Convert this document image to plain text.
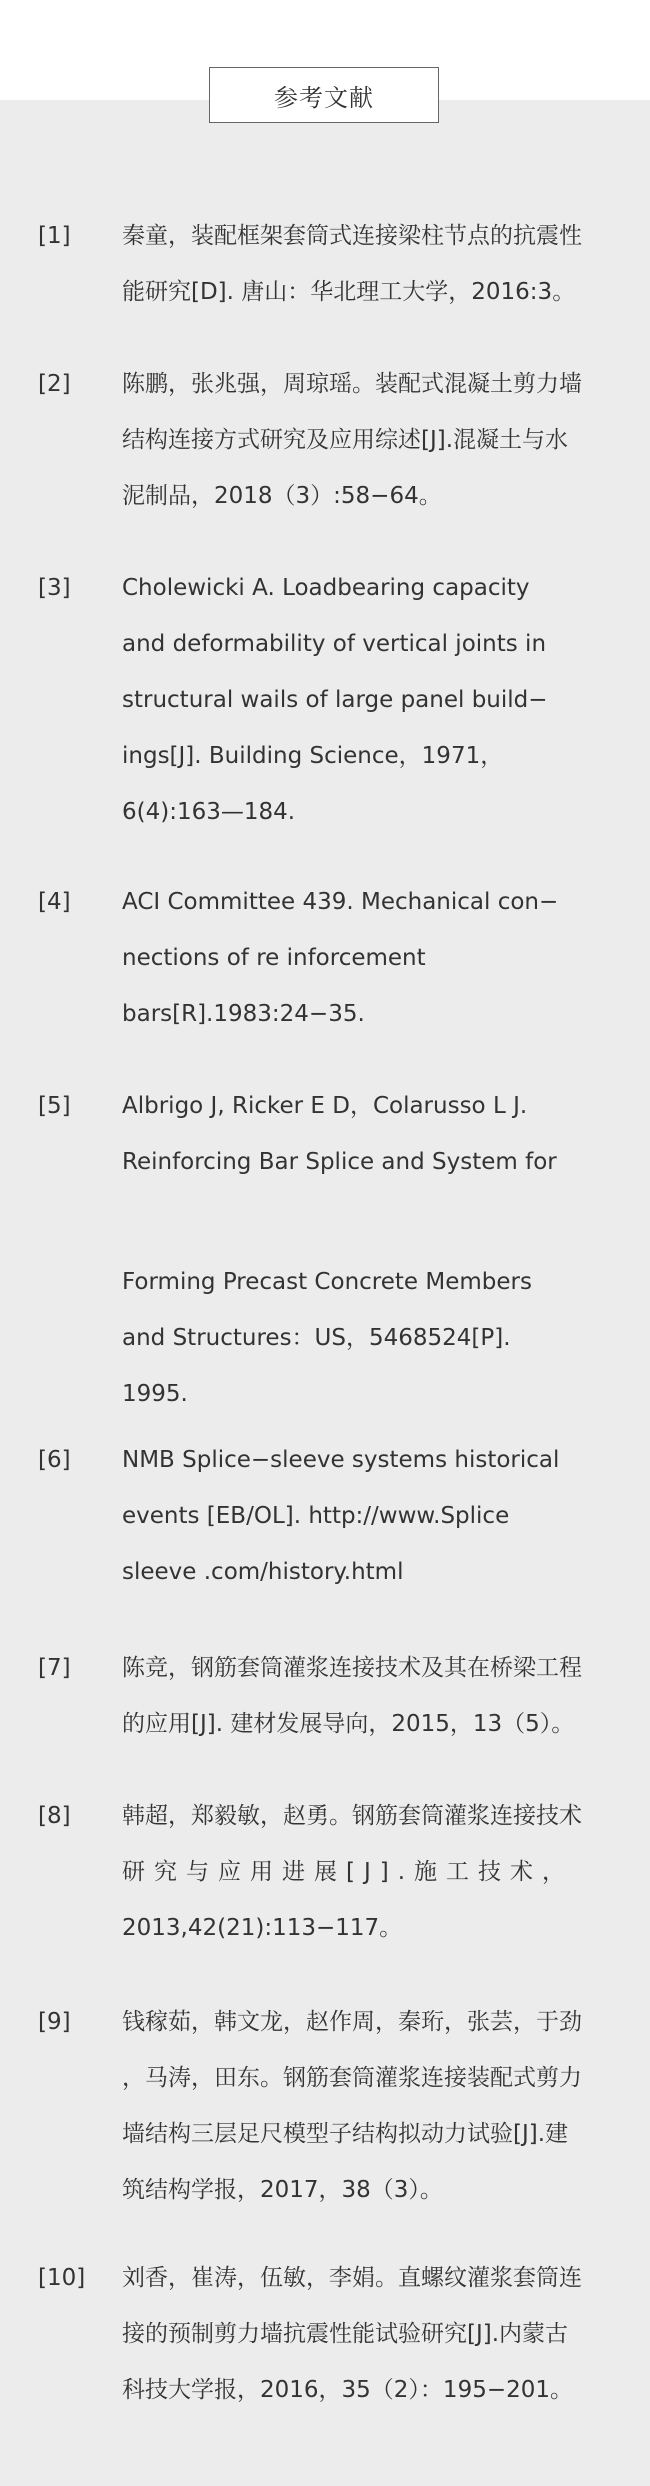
参考文献
[1] 秦童，装配框架套筒式连接梁柱节点的抗震性
能研究[D]. 唐山：华北理工大学，2016:3。
[2] 陈鹏，张兆强，周琼瑶。装配式混凝土剪力墙
结构连接方式研究及应用综述[J].混凝土与水
泥制品，2018（3）:58−64。
[3] Cholewicki A. Loadbearing capacity
and deformability of vertical joints in
structural wails of large panel build−
ings[J]. Building Science，1971，
6(4):163—184.
[4] ACI Committee 439. Mechanical con−
nections of re inforcement
bars[R].1983:24−35.
[5] Albrigo J, Ricker E D，Colarusso L J.
Reinforcing Bar Splice and System for
Forming Precast Concrete Members
and Structures：US，5468524[P].
1995.
[6] NMB Splice−sleeve systems historical
events [EB/OL]. http://www.Splice
sleeve .com/history.html
[7] 陈竞，钢筋套筒灌浆连接技术及其在桥梁工程
的应用[J]. 建材发展导向，2015，13（5）。
[8] 韩超，郑毅敏，赵勇。钢筋套筒灌浆连接技术
研究与应用进展[J].施工技术，
2013,42(21):113−117。
[9] 钱稼茹，韩文龙，赵作周，秦珩，张芸，于劲
，马涛，田东。钢筋套筒灌浆连接装配式剪力
墙结构三层足尺模型子结构拟动力试验[J].建
筑结构学报，2017，38（3）。
[10] 刘香，崔涛，伍敏，李娟。直螺纹灌浆套筒连
接的预制剪力墙抗震性能试验研究[J].内蒙古
科技大学报，2016，35（2）：195−201。
